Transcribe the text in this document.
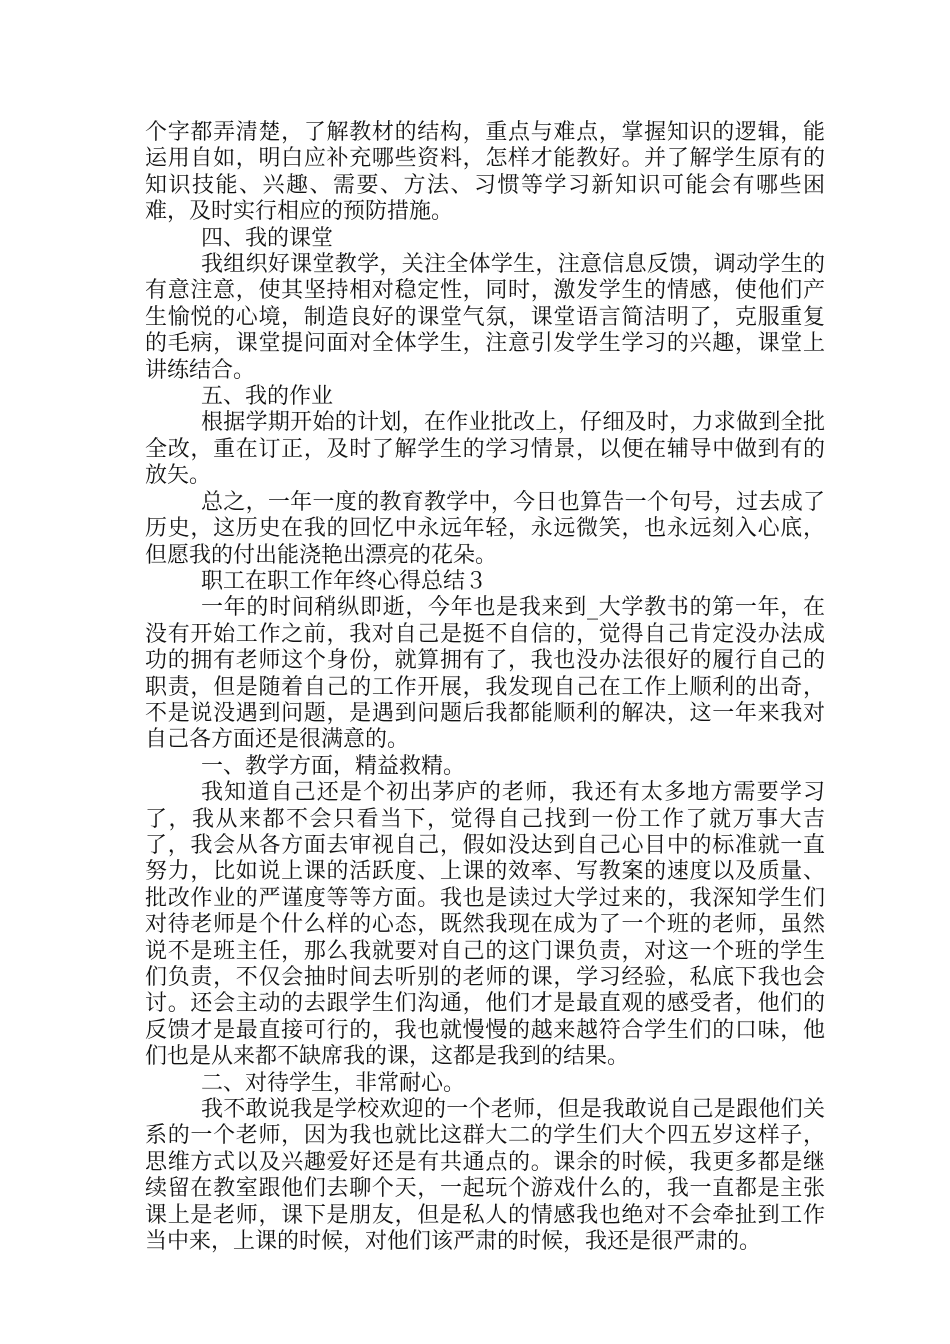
个字都弄清楚，了解教材的结构，重点与难点，掌握知识的逻辑，能运用自如，明白应补充哪些资料，怎样才能教好。并了解学生原有的知识技能、兴趣、需要、方法、习惯等学习新知识可能会有哪些困难，及时实行相应的预防措施。

四、我的课堂

我组织好课堂教学，关注全体学生，注意信息反馈，调动学生的有意注意，使其坚持相对稳定性，同时，激发学生的情感，使他们产生愉悦的心境，制造良好的课堂气氛，课堂语言简洁明了，克服重复的毛病，课堂提问面对全体学生，注意引发学生学习的兴趣，课堂上讲练结合。

五、我的作业

根据学期开始的计划，在作业批改上，仔细及时，力求做到全批全改，重在订正，及时了解学生的学习情景，以便在辅导中做到有的放矢。

总之，一年一度的教育教学中，今日也算告一个句号，过去成了历史，这历史在我的回忆中永远年轻，永远微笑，也永远刻入心底，但愿我的付出能浇艳出漂亮的花朵。

职工在职工作年终心得总结３

一年的时间稍纵即逝，今年也是我来到_大学教书的第一年，在没有开始工作之前，我对自己是挺不自信的，觉得自己肯定没办法成功的拥有老师这个身份，就算拥有了，我也没办法很好的履行自己的职责，但是随着自己的工作开展，我发现自己在工作上顺利的出奇，不是说没遇到问题，是遇到问题后我都能顺利的解决，这一年来我对自己各方面还是很满意的。

一、教学方面，精益救精。

我知道自己还是个初出茅庐的老师，我还有太多地方需要学习了，我从来都不会只看当下，觉得自己找到一份工作了就万事大吉了，我会从各方面去审视自己，假如没达到自己心目中的标准就一直努力，比如说上课的活跃度、上课的效率、写教案的速度以及质量、批改作业的严谨度等等方面。我也是读过大学过来的，我深知学生们对待老师是个什么样的心态，既然我现在成为了一个班的老师，虽然说不是班主任，那么我就要对自己的这门课负责，对这一个班的学生们负责，不仅会抽时间去听别的老师的课，学习经验，私底下我也会讨。还会主动的去跟学生们沟通，他们才是最直观的感受者，他们的反馈才是最直接可行的，我也就慢慢的越来越符合学生们的口味，他们也是从来都不缺席我的课，这都是我到的结果。

二、对待学生，非常耐心。

我不敢说我是学校欢迎的一个老师，但是我敢说自己是跟他们关系的一个老师，因为我也就比这群大二的学生们大个四五岁这样子，思维方式以及兴趣爱好还是有共通点的。课余的时候，我更多都是继续留在教室跟他们去聊个天，一起玩个游戏什么的，我一直都是主张课上是老师，课下是朋友，但是私人的情感我也绝对不会牵扯到工作当中来，上课的时候，对他们该严肃的时候，我还是很严肃的。
